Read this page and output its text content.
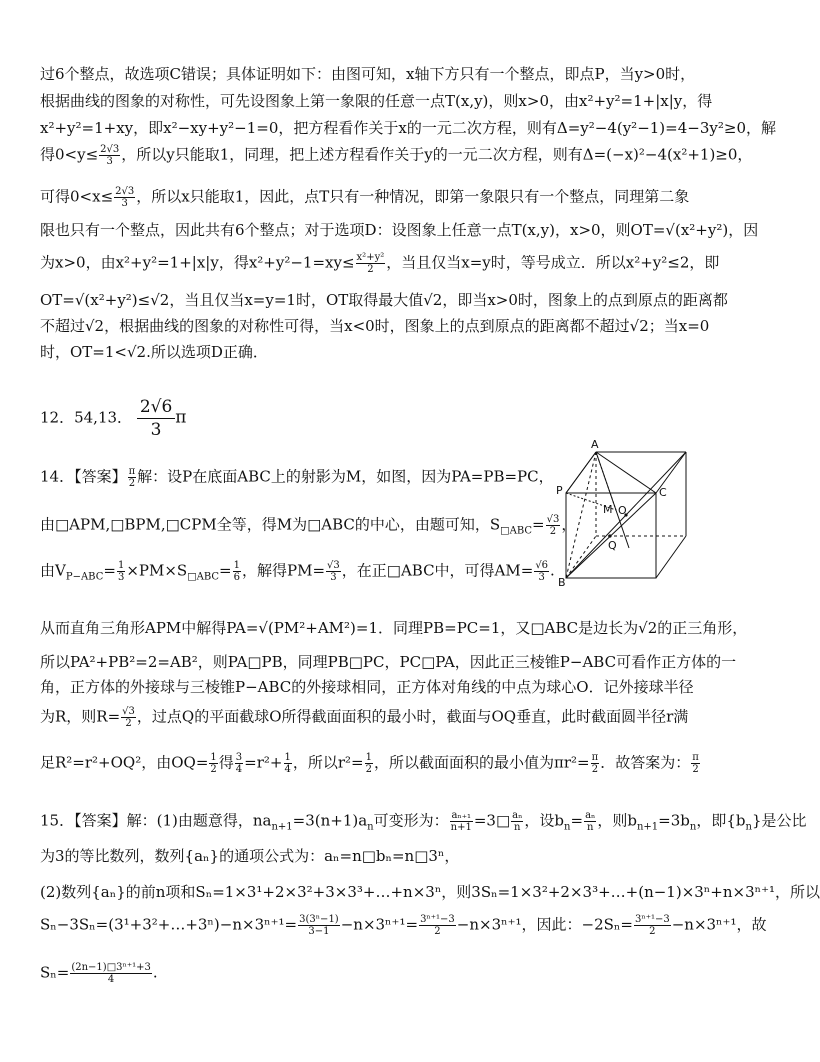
过6个整点，故选项C错误；具体证明如下：由图可知，x轴下方只有一个整点，即点P，当y>0时，
根据曲线的图象的对称性，可先设图象上第一象限的任意一点T(x,y)，则x>0，由x²+y²=1+|x|y，得
x²+y²=1+xy，即x²−xy+y²−1=0，把方程看作关于x的一元二次方程，则有Δ=y²−4(y²−1)=4−3y²≥0，解
得$0<y\le \frac{2√3}{3}$ ，所以y只能取1，同理，把上述方程看作关于y的一元二次方程，则有Δ=(−x)²−4(x²+1)≥0，
可得$0<x\le \frac{2√3}{3}$ ，所以x只能取1，因此，点T只有一种情况，即第一象限只有一个整点，同理第二象
限也只有一个整点，因此共有6个整点；对于选项D：设图象上任意一点T(x,y)，x>0，则OT=√(x²+y²)，因
为x>0，由x²+y²=1+|x|y，得$x^2+y^2-1=xy\le \frac{\text{x²+y²}}{2}$ ，当且仅当x=y时，等号成立．所以x²+y²≤2，即
OT=√(x²+y²)≤√2，当且仅当x=y=1时，OT取得最大值√2，即当x>0时，图象上的点到原点的距离都
不超过√2，根据曲线的图象的对称性可得，当x<0时，图象上的点到原点的距离都不超过√2；当x=0
时，OT=1<√2.所以选项D正确．
12．54,13． $\frac{2√6}{3}$ π
14．【答案】 $\frac{\pi}{2}$ 解：设P在底面ABC上的射影为M，如图，因为PA=PB=PC，
由□APM,□BPM,□CPM全等，得M为□ABC的中心，由题可知，$S_{□ABC}= \frac{√3}{2}$ ，
由$V_{P-ABC}= \frac{1}{3} \times PM\times S_{□ABC}= \frac{1}{6}$ ，解得$PM= \frac{√3}{3}$ ，在正□ABC中，可得$AM= \frac{√6}{3}$ .
A
P	C
M O
Q
B
从而直角三角形APM中解得PA=√(PM²+AM²)=1．同理PB=PC=1，又□ABC是边长为√2的正三角形，
所以PA²+PB²=2=AB²，则PA□PB，同理PB□PC，PC□PA，因此正三棱锥P−ABC可看作正方体的一
角，正方体的外接球与三棱锥P−ABC的外接球相同，正方体对角线的中点为球心O．记外接球半径
为R，则$R= \frac{√3}{2}$ ，过点Q的平面截球O所得截面面积的最小时，截面与OQ垂直，此时截面圆半径r满
足R²=r²+OQ²，由$OQ= \frac{1}{2}$ 得 $\frac{3}{4} =r^2+ \frac{1}{4}$ ，所以$r^2= \frac{1}{2}$ ，所以截面面积的最小值为$\pi r^2= \frac{\pi}{2}$ ．故答案为： $\frac{\pi}{2}$
15．【答案】解：(1)由题意得，$na_{n+1}=3(n+1)a_n$可变形为： $\frac{\text{aₙ₊₁}}{n+1}$ =3□ $\frac{\text{aₙ}}{n}$ ，设$b_n= \frac{\text{aₙ}}{n}$ ，则$b_{n+1}=3b_n$，即$\{b_n\}$是公比
为3的等比数列，数列{aₙ}的通项公式为：aₙ=n□bₙ=n□3ⁿ，
(2)数列{aₙ}的前n项和Sₙ=1×3¹+2×3²+3×3³+…+n×3ⁿ，则3Sₙ=1×3²+2×3³+…+(n−1)×3ⁿ+n×3ⁿ⁺¹，所以
Sₙ−3Sₙ=(3¹+3²+…+3ⁿ)−n×3ⁿ⁺¹= $\frac{\text{3(3ⁿ−1)}}{3-1} -n\times 3^{n+1}= \frac{\text{3ⁿ⁺¹−3}}{2} -n\times 3^{n+1}$，因此：$-2S_n= \frac{\text{3ⁿ⁺¹−3}}{2} -n\times 3^{n+1}$，故
$S_n= \frac{\text{(2n−1)□3ⁿ⁺¹+3}}{4}$ .
